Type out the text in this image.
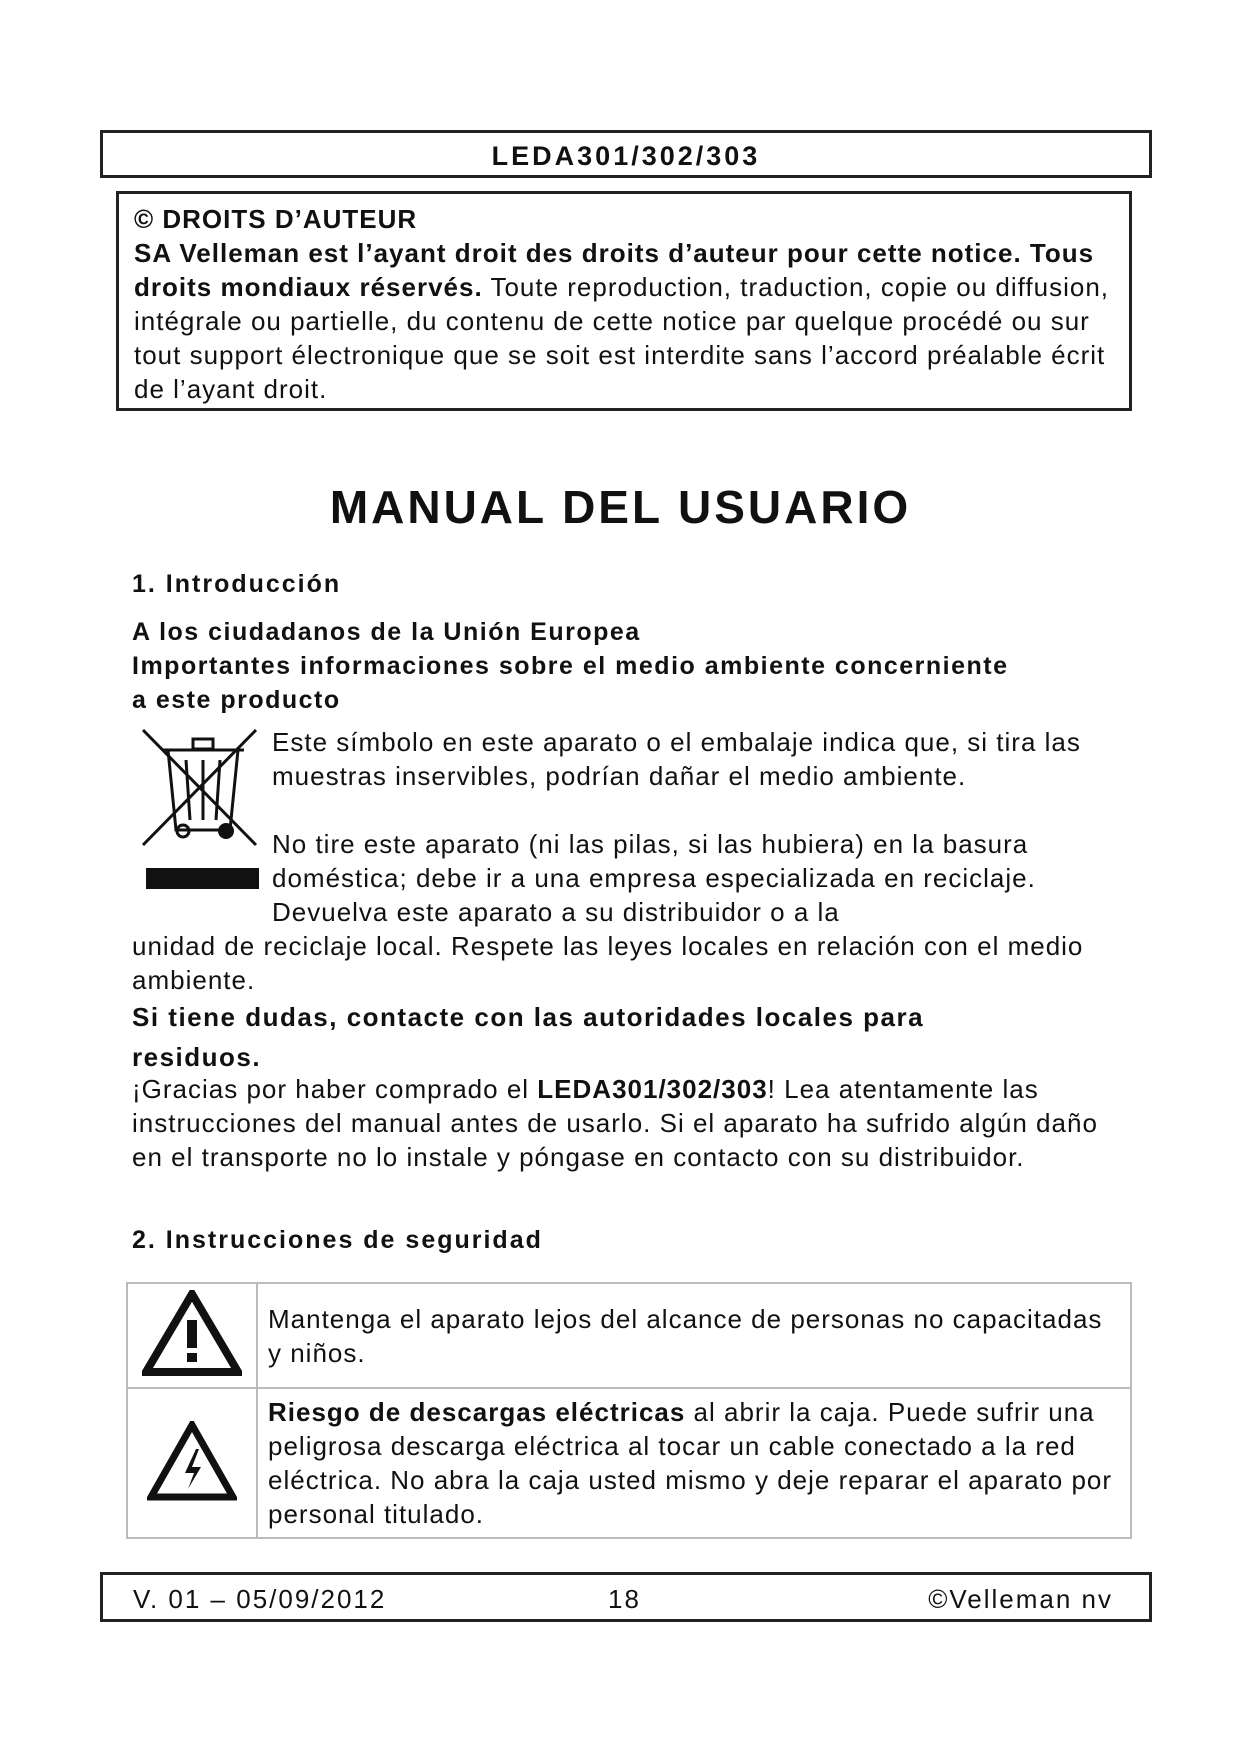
LEDA301/302/303
© DROITS D’AUTEUR
SA Velleman est l’ayant droit des droits d’auteur pour cette notice. Tous droits mondiaux réservés. Toute reproduction, traduction, copie ou diffusion, intégrale ou partielle, du contenu de cette notice par quelque procédé ou sur tout support électronique que se soit est interdite sans l’accord préalable écrit de l’ayant droit.
MANUAL DEL USUARIO
1. Introducción
A los ciudadanos de la Unión Europea
Importantes informaciones sobre el medio ambiente concerniente a este producto
Este símbolo en este aparato o el embalaje indica que, si tira las muestras inservibles, podrían dañar el medio ambiente.
No tire este aparato (ni las pilas, si las hubiera) en la basura doméstica; debe ir a una empresa especializada en reciclaje. Devuelva este aparato a su distribuidor o a la
unidad de reciclaje local. Respete las leyes locales en relación con el medio ambiente.
Si tiene dudas, contacte con las autoridades locales para residuos.
¡Gracias por haber comprado el LEDA301/302/303! Lea atentamente las instrucciones del manual antes de usarlo. Si el aparato ha sufrido algún daño en el transporte no lo instale y póngase en contacto con su distribuidor.
2. Instrucciones de seguridad
	Mantenga el aparato lejos del alcance de personas no capacitadas y niños.
	Riesgo de descargas eléctricas al abrir la caja. Puede sufrir una peligrosa descarga eléctrica al tocar un cable conectado a la red eléctrica. No abra la caja usted mismo y deje reparar el aparato por personal titulado.
V. 01 – 05/09/2012	18	©Velleman nv
